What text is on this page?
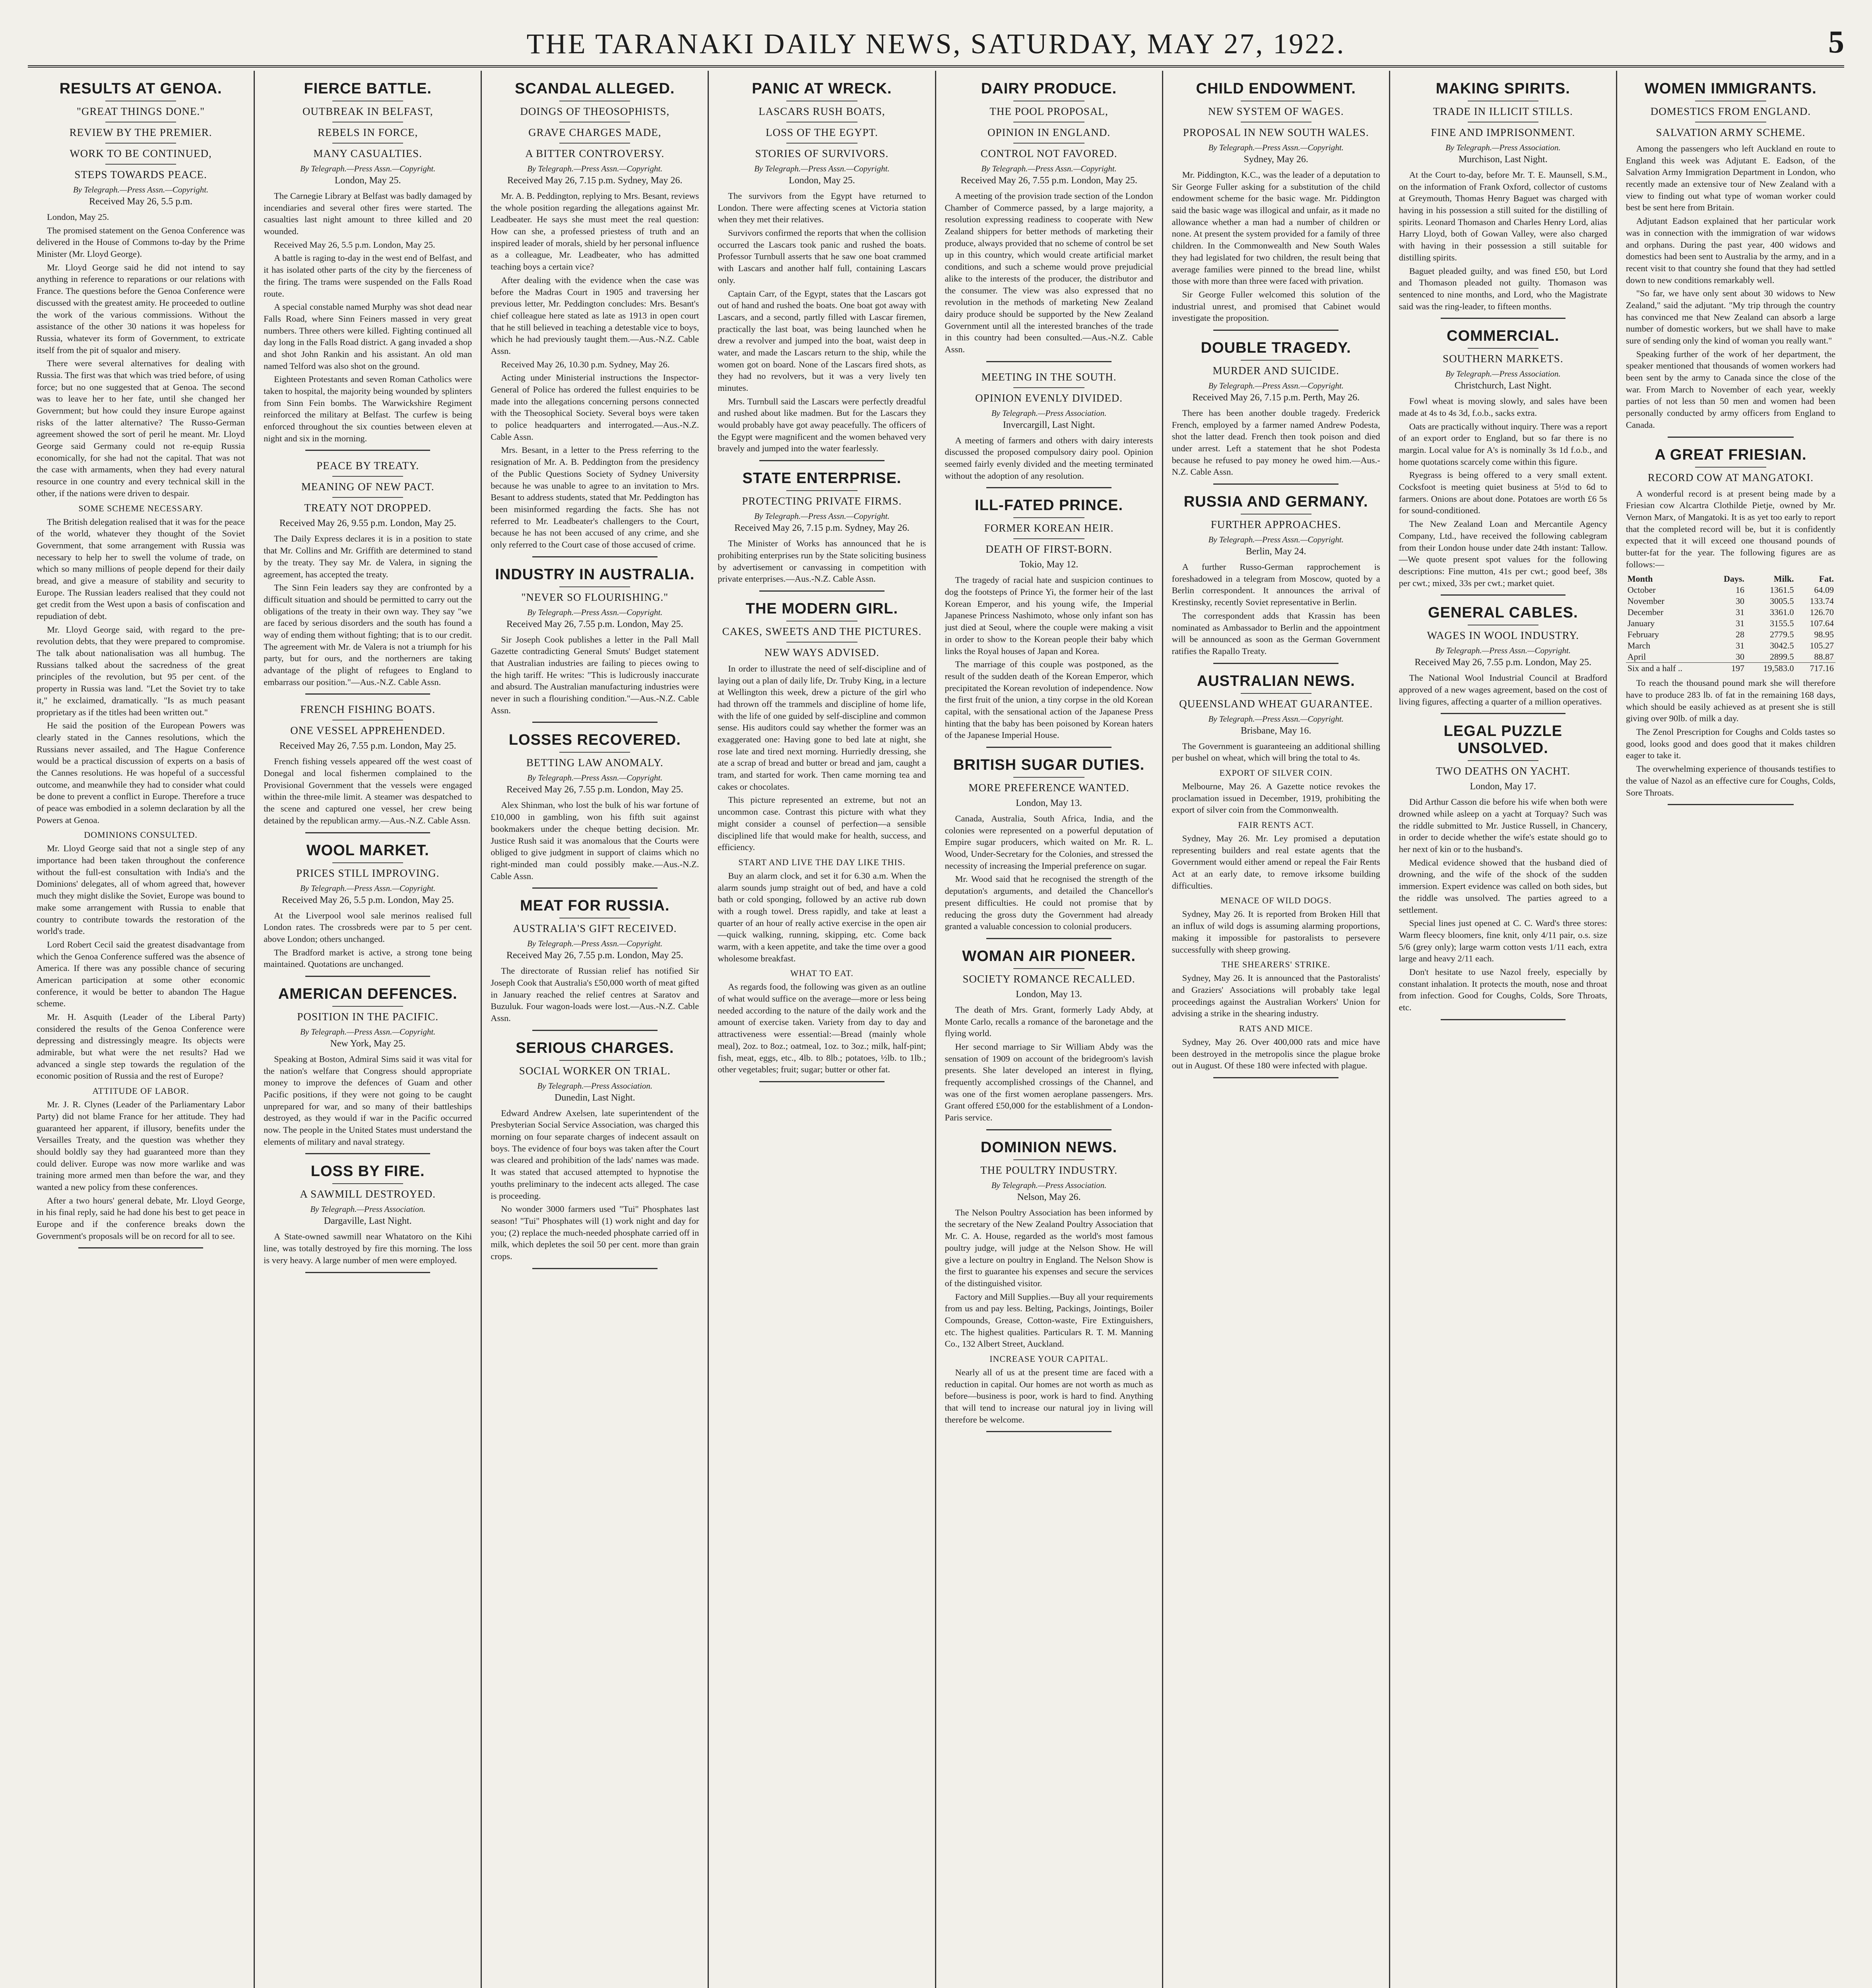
THE TARANAKI DAILY NEWS, SATURDAY, MAY 27, 1922.	5
RESULTS AT GENOA.
"GREAT THINGS DONE."
REVIEW BY THE PREMIER.
WORK TO BE CONTINUED,
STEPS TOWARDS PEACE.
By Telegraph.—Press Assn.—Copyright.
Received May 26, 5.5 p.m.

London, May 25.

The promised statement on the Genoa Conference was delivered in the House of Commons to-day by the Prime Minister (Mr. Lloyd George).

Mr. Lloyd George said he did not intend to say anything in reference to reparations or our relations with France. The questions before the Genoa Conference were discussed with the greatest amity. He proceeded to outline the work of the various commissions. Without the assistance of the other 30 nations it was hopeless for Russia, whatever its form of Government, to extricate itself from the pit of squalor and misery.

There were several alternatives for dealing with Russia. The first was that which was tried before, of using force; but no one suggested that at Genoa. The second was to leave her to her fate, until she changed her Government; but how could they insure Europe against risks of the latter alternative? The Russo-German agreement showed the sort of peril he meant. Mr. Lloyd George said Germany could not re-equip Russia economically, for she had not the capital. That was not the case with armaments, when they had every natural resource in one country and every technical skill in the other, if the nations were driven to despair.

SOME SCHEME NECESSARY.

The British delegation realised that it was for the peace of the world, whatever they thought of the Soviet Government, that some arrangement with Russia was necessary to help her to swell the volume of trade, on which so many millions of people depend for their daily bread, and give a measure of stability and security to Europe. The Russian leaders realised that they could not get credit from the West upon a basis of confiscation and repudiation of debt.

Mr. Lloyd George said, with regard to the pre-revolution debts, that they were prepared to compromise. The talk about nationalisation was all humbug. The Russians talked about the sacredness of the great principles of the revolution, but 95 per cent. of the property in Russia was land. "Let the Soviet try to take it," he exclaimed, dramatically. "Is as much peasant proprietary as if the titles had been written out."

He said the position of the European Powers was clearly stated in the Cannes resolutions, which the Russians never assailed, and The Hague Conference would be a practical discussion of experts on a basis of the Cannes resolutions. He was hopeful of a successful outcome, and meanwhile they had to consider what could be done to prevent a conflict in Europe. Therefore a truce of peace was embodied in a solemn declaration by all the Powers at Genoa.

DOMINIONS CONSULTED.

Mr. Lloyd George said that not a single step of any importance had been taken throughout the conference without the full-est consultation with India's and the Dominions' delegates, all of whom agreed that, however much they might dislike the Soviet, Europe was bound to make some arrangement with Russia to enable that country to contribute towards the restoration of the world's trade.

Lord Robert Cecil said the greatest disadvantage from which the Genoa Conference suffered was the absence of America. If there was any possible chance of securing American participation at some other economic conference, it would be better to abandon The Hague scheme.

Mr. H. Asquith (Leader of the Liberal Party) considered the results of the Genoa Conference were depressing and distressingly meagre. Its objects were admirable, but what were the net results? Had we advanced a single step towards the regulation of the economic position of Russia and the rest of Europe?

ATTITUDE OF LABOR.

Mr. J. R. Clynes (Leader of the Parliamentary Labor Party) did not blame France for her attitude. They had guaranteed her apparent, if illusory, benefits under the Versailles Treaty, and the question was whether they should boldly say they had guaranteed more than they could deliver. Europe was now more warlike and was training more armed men than before the war, and they wanted a new policy from these conferences.

After a two hours' general debate, Mr. Lloyd George, in his final reply, said he had done his best to get peace in Europe and if the conference breaks down the Government's proposals will be on record for all to see.

FIERCE BATTLE.
OUTBREAK IN BELFAST,
REBELS IN FORCE,
MANY CASUALTIES.
By Telegraph.—Press Assn.—Copyright.
London, May 25.

The Carnegie Library at Belfast was badly damaged by incendiaries and several other fires were started. The casualties last night amount to three killed and 20 wounded.

Received May 26, 5.5 p.m. London, May 25.

A battle is raging to-day in the west end of Belfast, and it has isolated other parts of the city by the fierceness of the firing. The trams were suspended on the Falls Road route.

A special constable named Murphy was shot dead near Falls Road, where Sinn Feiners massed in very great numbers. Three others were killed. Fighting continued all day long in the Falls Road district. A gang invaded a shop and shot John Rankin and his assistant. An old man named Telford was also shot on the ground.

Eighteen Protestants and seven Roman Catholics were taken to hospital, the majority being wounded by splinters from Sinn Fein bombs. The Warwickshire Regiment reinforced the military at Belfast. The curfew is being enforced throughout the six counties between eleven at night and six in the morning.

PEACE BY TREATY.
MEANING OF NEW PACT.
TREATY NOT DROPPED.
Received May 26, 9.55 p.m. London, May 25.

The Daily Express declares it is in a position to state that Mr. Collins and Mr. Griffith are determined to stand by the treaty. They say Mr. de Valera, in signing the agreement, has accepted the treaty.

The Sinn Fein leaders say they are confronted by a difficult situation and should be permitted to carry out the obligations of the treaty in their own way. They say "we are faced by serious disorders and the south has found a way of ending them without fighting; that is to our credit. The agreement with Mr. de Valera is not a triumph for his party, but for ours, and the northerners are taking advantage of the plight of refugees to England to embarrass our position."—Aus.-N.Z. Cable Assn.

FRENCH FISHING BOATS.
ONE VESSEL APPREHENDED.
Received May 26, 7.55 p.m. London, May 25.

French fishing vessels appeared off the west coast of Donegal and local fishermen complained to the Provisional Government that the vessels were engaged within the three-mile limit. A steamer was despatched to the scene and captured one vessel, her crew being detained by the republican army.—Aus.-N.Z. Cable Assn.

WOOL MARKET.
PRICES STILL IMPROVING.
By Telegraph.—Press Assn.—Copyright.
Received May 26, 5.5 p.m. London, May 25.

At the Liverpool wool sale merinos realised full London rates. The crossbreds were par to 5 per cent. above London; others unchanged.

The Bradford market is active, a strong tone being maintained. Quotations are unchanged.

AMERICAN DEFENCES.
POSITION IN THE PACIFIC.
By Telegraph.—Press Assn.—Copyright.
New York, May 25.

Speaking at Boston, Admiral Sims said it was vital for the nation's welfare that Congress should appropriate money to improve the defences of Guam and other Pacific positions, if they were not going to be caught unprepared for war, and so many of their battleships destroyed, as they would if war in the Pacific occurred now. The people in the United States must understand the elements of military and naval strategy.

LOSS BY FIRE.
A SAWMILL DESTROYED.
By Telegraph.—Press Association.
Dargaville, Last Night.

A State-owned sawmill near Whatatoro on the Kihi line, was totally destroyed by fire this morning. The loss is very heavy. A large number of men were employed.

SCANDAL ALLEGED.
DOINGS OF THEOSOPHISTS,
GRAVE CHARGES MADE,
A BITTER CONTROVERSY.
By Telegraph.—Press Assn.—Copyright.
Received May 26, 7.15 p.m. Sydney, May 26.

Mr. A. B. Peddington, replying to Mrs. Besant, reviews the whole position regarding the allegations against Mr. Leadbeater. He says she must meet the real question: How can she, a professed priestess of truth and an inspired leader of morals, shield by her personal influence as a colleague, Mr. Leadbeater, who has admitted teaching boys a certain vice?

After dealing with the evidence when the case was before the Madras Court in 1905 and traversing her previous letter, Mr. Peddington concludes: Mrs. Besant's chief colleague here stated as late as 1913 in open court that he still believed in teaching a detestable vice to boys, which he had previously taught them.—Aus.-N.Z. Cable Assn.

Received May 26, 10.30 p.m. Sydney, May 26.

Acting under Ministerial instructions the Inspector-General of Police has ordered the fullest enquiries to be made into the allegations concerning persons connected with the Theosophical Society. Several boys were taken to police headquarters and interrogated.—Aus.-N.Z. Cable Assn.

Mrs. Besant, in a letter to the Press referring to the resignation of Mr. A. B. Peddington from the presidency of the Public Questions Society of Sydney University because he was unable to agree to an invitation to Mrs. Besant to address students, stated that Mr. Peddington has been misinformed regarding the facts. She has not referred to Mr. Leadbeater's challengers to the Court, because he has not been accused of any crime, and she only referred to the Court case of those accused of crime.

INDUSTRY IN AUSTRALIA.
"NEVER SO FLOURISHING."
By Telegraph.—Press Assn.—Copyright.
Received May 26, 7.55 p.m. London, May 25.

Sir Joseph Cook publishes a letter in the Pall Mall Gazette contradicting General Smuts' Budget statement that Australian industries are failing to pieces owing to the high tariff. He writes: "This is ludicrously inaccurate and absurd. The Australian manufacturing industries were never in such a flourishing condition."—Aus.-N.Z. Cable Assn.

LOSSES RECOVERED.
BETTING LAW ANOMALY.
By Telegraph.—Press Assn.—Copyright.
Received May 26, 7.55 p.m. London, May 25.

Alex Shinman, who lost the bulk of his war fortune of £10,000 in gambling, won his fifth suit against bookmakers under the cheque betting decision. Mr. Justice Rush said it was anomalous that the Courts were obliged to give judgment in support of claims which no right-minded man could possibly make.—Aus.-N.Z. Cable Assn.

MEAT FOR RUSSIA.
AUSTRALIA'S GIFT RECEIVED.
By Telegraph.—Press Assn.—Copyright.
Received May 26, 7.55 p.m. London, May 25.

The directorate of Russian relief has notified Sir Joseph Cook that Australia's £50,000 worth of meat gifted in January reached the relief centres at Saratov and Buzuluk. Four wagon-loads were lost.—Aus.-N.Z. Cable Assn.

SERIOUS CHARGES.
SOCIAL WORKER ON TRIAL.
By Telegraph.—Press Association.
Dunedin, Last Night.

Edward Andrew Axelsen, late superintendent of the Presbyterian Social Service Association, was charged this morning on four separate charges of indecent assault on boys. The evidence of four boys was taken after the Court was cleared and prohibition of the lads' names was made. It was stated that accused attempted to hypnotise the youths preliminary to the indecent acts alleged. The case is proceeding.

No wonder 3000 farmers used "Tui" Phosphates last season! "Tui" Phosphates will (1) work night and day for you; (2) replace the much-needed phosphate carried off in milk, which depletes the soil 50 per cent. more than grain crops.

PANIC AT WRECK.
LASCARS RUSH BOATS,
LOSS OF THE EGYPT.
STORIES OF SURVIVORS.
By Telegraph.—Press Assn.—Copyright.
London, May 25.

The survivors from the Egypt have returned to London. There were affecting scenes at Victoria station when they met their relatives.

Survivors confirmed the reports that when the collision occurred the Lascars took panic and rushed the boats. Professor Turnbull asserts that he saw one boat crammed with Lascars and another half full, containing Lascars only.

Captain Carr, of the Egypt, states that the Lascars got out of hand and rushed the boats. One boat got away with Lascars, and a second, partly filled with Lascar firemen, practically the last boat, was being launched when he drew a revolver and jumped into the boat, waist deep in water, and made the Lascars return to the ship, while the women got on board. None of the Lascars fired shots, as they had no revolvers, but it was a very lively ten minutes.

Mrs. Turnbull said the Lascars were perfectly dreadful and rushed about like madmen. But for the Lascars they would probably have got away peacefully. The officers of the Egypt were magnificent and the women behaved very bravely and jumped into the water fearlessly.

STATE ENTERPRISE.
PROTECTING PRIVATE FIRMS.
By Telegraph.—Press Assn.—Copyright.
Received May 26, 7.15 p.m. Sydney, May 26.

The Minister of Works has announced that he is prohibiting enterprises run by the State soliciting business by advertisement or canvassing in competition with private enterprises.—Aus.-N.Z. Cable Assn.

THE MODERN GIRL.
CAKES, SWEETS AND THE PICTURES.
NEW WAYS ADVISED.

In order to illustrate the need of self-discipline and of laying out a plan of daily life, Dr. Truby King, in a lecture at Wellington this week, drew a picture of the girl who had thrown off the trammels and discipline of home life, with the life of one guided by self-discipline and common sense. His auditors could say whether the former was an exaggerated one: Having gone to bed late at night, she rose late and tired next morning. Hurriedly dressing, she ate a scrap of bread and butter or bread and jam, caught a tram, and started for work. Then came morning tea and cakes or chocolates.

This picture represented an extreme, but not an uncommon case. Contrast this picture with what they might consider a counsel of perfection—a sensible disciplined life that would make for health, success, and efficiency.

START AND LIVE THE DAY LIKE THIS.

Buy an alarm clock, and set it for 6.30 a.m. When the alarm sounds jump straight out of bed, and have a cold bath or cold sponging, followed by an active rub down with a rough towel. Dress rapidly, and take at least a quarter of an hour of really active exercise in the open air—quick walking, running, skipping, etc. Come back warm, with a keen appetite, and take the time over a good wholesome breakfast.

WHAT TO EAT.

As regards food, the following was given as an outline of what would suffice on the average—more or less being needed according to the nature of the daily work and the amount of exercise taken. Variety from day to day and attractiveness were essential:—Bread (mainly whole meal), 2oz. to 8oz.; oatmeal, 1oz. to 3oz.; milk, half-pint; fish, meat, eggs, etc., 4lb. to 8lb.; potatoes, ½lb. to 1lb.; other vegetables; fruit; sugar; butter or other fat.

DAIRY PRODUCE.
THE POOL PROPOSAL,
OPINION IN ENGLAND.
CONTROL NOT FAVORED.
By Telegraph.—Press Assn.—Copyright.
Received May 26, 7.55 p.m. London, May 25.

A meeting of the provision trade section of the London Chamber of Commerce passed, by a large majority, a resolution expressing readiness to cooperate with New Zealand shippers for better methods of marketing their produce, always provided that no scheme of control be set up in this country, which would create artificial market conditions, and such a scheme would prove prejudicial alike to the interests of the producer, the distributor and the consumer. The view was also expressed that no revolution in the methods of marketing New Zealand dairy produce should be supported by the New Zealand Government until all the interested branches of the trade in this country had been consulted.—Aus.-N.Z. Cable Assn.

MEETING IN THE SOUTH.
OPINION EVENLY DIVIDED.
By Telegraph.—Press Association.
Invercargill, Last Night.

A meeting of farmers and others with dairy interests discussed the proposed compulsory dairy pool. Opinion seemed fairly evenly divided and the meeting terminated without the adoption of any resolution.

ILL-FATED PRINCE.
FORMER KOREAN HEIR.
DEATH OF FIRST-BORN.
Tokio, May 12.

The tragedy of racial hate and suspicion continues to dog the footsteps of Prince Yi, the former heir of the last Korean Emperor, and his young wife, the Imperial Japanese Princess Nashimoto, whose only infant son has just died at Seoul, where the couple were making a visit in order to show to the Korean people their baby which links the Royal houses of Japan and Korea.

The marriage of this couple was postponed, as the result of the sudden death of the Korean Emperor, which precipitated the Korean revolution of independence. Now the first fruit of the union, a tiny corpse in the old Korean capital, with the sensational action of the Japanese Press hinting that the baby has been poisoned by Korean haters of the Japanese Imperial House.

BRITISH SUGAR DUTIES.
MORE PREFERENCE WANTED.
London, May 13.

Canada, Australia, South Africa, India, and the colonies were represented on a powerful deputation of Empire sugar producers, which waited on Mr. R. L. Wood, Under-Secretary for the Colonies, and stressed the necessity of increasing the Imperial preference on sugar.

Mr. Wood said that he recognised the strength of the deputation's arguments, and detailed the Chancellor's present difficulties. He could not promise that by reducing the gross duty the Government had already granted a valuable concession to colonial producers.

WOMAN AIR PIONEER.
SOCIETY ROMANCE RECALLED.
London, May 13.

The death of Mrs. Grant, formerly Lady Abdy, at Monte Carlo, recalls a romance of the baronetage and the flying world.

Her second marriage to Sir William Abdy was the sensation of 1909 on account of the bridegroom's lavish presents. She later developed an interest in flying, frequently accomplished crossings of the Channel, and was one of the first women aeroplane passengers. Mrs. Grant offered £50,000 for the establishment of a London-Paris service.

DOMINION NEWS.
THE POULTRY INDUSTRY.
By Telegraph.—Press Association.
Nelson, May 26.

The Nelson Poultry Association has been informed by the secretary of the New Zealand Poultry Association that Mr. C. A. House, regarded as the world's most famous poultry judge, will judge at the Nelson Show. He will give a lecture on poultry in England. The Nelson Show is the first to guarantee his expenses and secure the services of the distinguished visitor.

Factory and Mill Supplies.—Buy all your requirements from us and pay less. Belting, Packings, Jointings, Boiler Compounds, Grease, Cotton-waste, Fire Extinguishers, etc. The highest qualities. Particulars R. T. M. Manning Co., 132 Albert Street, Auckland.

INCREASE YOUR CAPITAL.

Nearly all of us at the present time are faced with a reduction in capital. Our homes are not worth as much as before—business is poor, work is hard to find. Anything that will tend to increase our natural joy in living will therefore be welcome.

CHILD ENDOWMENT.
NEW SYSTEM OF WAGES.
PROPOSAL IN NEW SOUTH WALES.
By Telegraph.—Press Assn.—Copyright.
Sydney, May 26.

Mr. Piddington, K.C., was the leader of a deputation to Sir George Fuller asking for a substitution of the child endowment scheme for the basic wage. Mr. Piddington said the basic wage was illogical and unfair, as it made no allowance whether a man had a number of children or none. At present the system provided for a family of three children. In the Commonwealth and New South Wales they had legislated for two children, the result being that average families were pinned to the bread line, whilst those with more than three were faced with privation.

Sir George Fuller welcomed this solution of the industrial unrest, and promised that Cabinet would investigate the proposition.

DOUBLE TRAGEDY.
MURDER AND SUICIDE.
By Telegraph.—Press Assn.—Copyright.
Received May 26, 7.15 p.m. Perth, May 26.

There has been another double tragedy. Frederick French, employed by a farmer named Andrew Podesta, shot the latter dead. French then took poison and died under arrest. Left a statement that he shot Podesta because he refused to pay money he owed him.—Aus.-N.Z. Cable Assn.

RUSSIA AND GERMANY.
FURTHER APPROACHES.
By Telegraph.—Press Assn.—Copyright.
Berlin, May 24.

A further Russo-German rapprochement is foreshadowed in a telegram from Moscow, quoted by a Berlin correspondent. It announces the arrival of Krestinsky, recently Soviet representative in Berlin.

The correspondent adds that Krassin has been nominated as Ambassador to Berlin and the appointment will be announced as soon as the German Government ratifies the Rapallo Treaty.

AUSTRALIAN NEWS.
QUEENSLAND WHEAT GUARANTEE.
By Telegraph.—Press Assn.—Copyright.
Brisbane, May 16.

The Government is guaranteeing an additional shilling per bushel on wheat, which will bring the total to 4s.

EXPORT OF SILVER COIN.

Melbourne, May 26. A Gazette notice revokes the proclamation issued in December, 1919, prohibiting the export of silver coin from the Commonwealth.

FAIR RENTS ACT.

Sydney, May 26. Mr. Ley promised a deputation representing builders and real estate agents that the Government would either amend or repeal the Fair Rents Act at an early date, to remove irksome building difficulties.

MENACE OF WILD DOGS.

Sydney, May 26. It is reported from Broken Hill that an influx of wild dogs is assuming alarming proportions, making it impossible for pastoralists to persevere successfully with sheep growing.

THE SHEARERS' STRIKE.

Sydney, May 26. It is announced that the Pastoralists' and Graziers' Associations will probably take legal proceedings against the Australian Workers' Union for advising a strike in the shearing industry.

RATS AND MICE.

Sydney, May 26. Over 400,000 rats and mice have been destroyed in the metropolis since the plague broke out in August. Of these 180 were infected with plague.

MAKING SPIRITS.
TRADE IN ILLICIT STILLS.
FINE AND IMPRISONMENT.
By Telegraph.—Press Association.
Murchison, Last Night.

At the Court to-day, before Mr. T. E. Maunsell, S.M., on the information of Frank Oxford, collector of customs at Greymouth, Thomas Henry Baguet was charged with having in his possession a still suited for the distilling of spirits. Leonard Thomason and Charles Henry Lord, alias Harry Lloyd, both of Gowan Valley, were also charged with having in their possession a still suitable for distilling spirits.

Baguet pleaded guilty, and was fined £50, but Lord and Thomason pleaded not guilty. Thomason was sentenced to nine months, and Lord, who the Magistrate said was the ring-leader, to fifteen months.

COMMERCIAL.
SOUTHERN MARKETS.
By Telegraph.—Press Association.
Christchurch, Last Night.

Fowl wheat is moving slowly, and sales have been made at 4s to 4s 3d, f.o.b., sacks extra.

Oats are practically without inquiry. There was a report of an export order to England, but so far there is no margin. Local value for A's is nominally 3s 1d f.o.b., and home quotations scarcely come within this figure.

Ryegrass is being offered to a very small extent. Cocksfoot is meeting quiet business at 5½d to 6d to farmers. Onions are about done. Potatoes are worth £6 5s for sound-conditioned.

The New Zealand Loan and Mercantile Agency Company, Ltd., have received the following cablegram from their London house under date 24th instant: Tallow.—We quote present spot values for the following descriptions: Fine mutton, 41s per cwt.; good beef, 38s per cwt.; mixed, 33s per cwt.; market quiet.

GENERAL CABLES.
WAGES IN WOOL INDUSTRY.
By Telegraph.—Press Assn.—Copyright.
Received May 26, 7.55 p.m. London, May 25.

The National Wool Industrial Council at Bradford approved of a new wages agreement, based on the cost of living figures, affecting a quarter of a million operatives.

LEGAL PUZZLE UNSOLVED.
TWO DEATHS ON YACHT.
London, May 17.

Did Arthur Casson die before his wife when both were drowned while asleep on a yacht at Torquay? Such was the riddle submitted to Mr. Justice Russell, in Chancery, in order to decide whether the wife's estate should go to her next of kin or to the husband's.

Medical evidence showed that the husband died of drowning, and the wife of the shock of the sudden immersion. Expert evidence was called on both sides, but the riddle was unsolved. The parties agreed to a settlement.

Special lines just opened at C. C. Ward's three stores: Warm fleecy bloomers, fine knit, only 4/11 pair, o.s. size 5/6 (grey only); large warm cotton vests 1/11 each, extra large and heavy 2/11 each.

Don't hesitate to use Nazol freely, especially by constant inhalation. It protects the mouth, nose and throat from infection. Good for Coughs, Colds, Sore Throats, etc.

WOMEN IMMIGRANTS.
DOMESTICS FROM ENGLAND.
SALVATION ARMY SCHEME.

Among the passengers who left Auckland en route to England this week was Adjutant E. Eadson, of the Salvation Army Immigration Department in London, who recently made an extensive tour of New Zealand with a view to finding out what type of woman worker could best be sent here from Britain.

Adjutant Eadson explained that her particular work was in connection with the immigration of war widows and orphans. During the past year, 400 widows and domestics had been sent to Australia by the army, and in a recent visit to that country she found that they had settled down to new conditions remarkably well.

"So far, we have only sent about 30 widows to New Zealand," said the adjutant. "My trip through the country has convinced me that New Zealand can absorb a large number of domestic workers, but we shall have to make sure of sending only the kind of woman you really want."

Speaking further of the work of her department, the speaker mentioned that thousands of women workers had been sent by the army to Canada since the close of the war. From March to November of each year, weekly parties of not less than 50 men and women had been personally conducted by army officers from England to Canada.

A GREAT FRIESIAN.
RECORD COW AT MANGATOKI.

A wonderful record is at present being made by a Friesian cow Alcartra Clothilde Pietje, owned by Mr. Vernon Marx, of Mangatoki. It is as yet too early to report that the completed record will be, but it is confidently expected that it will exceed one thousand pounds of butter-fat for the year. The following figures are as follows:—

Month	Days.	Milk.	Fat.
October	16	1361.5	64.09
November	30	3005.5	133.74
December	31	3361.0	126.70
January	31	3155.5	107.64
February	28	2779.5	98.95
March	31	3042.5	105.27
April	30	2899.5	88.87
Six and a half ..	197	19,583.0	717.16

To reach the thousand pound mark she will therefore have to produce 283 lb. of fat in the remaining 168 days, which should be easily achieved as at present she is still giving over 90lb. of milk a day.

The Zenol Prescription for Coughs and Colds tastes so good, looks good and does good that it makes children eager to take it.

The overwhelming experience of thousands testifies to the value of Nazol as an effective cure for Coughs, Colds, Sore Throats.
